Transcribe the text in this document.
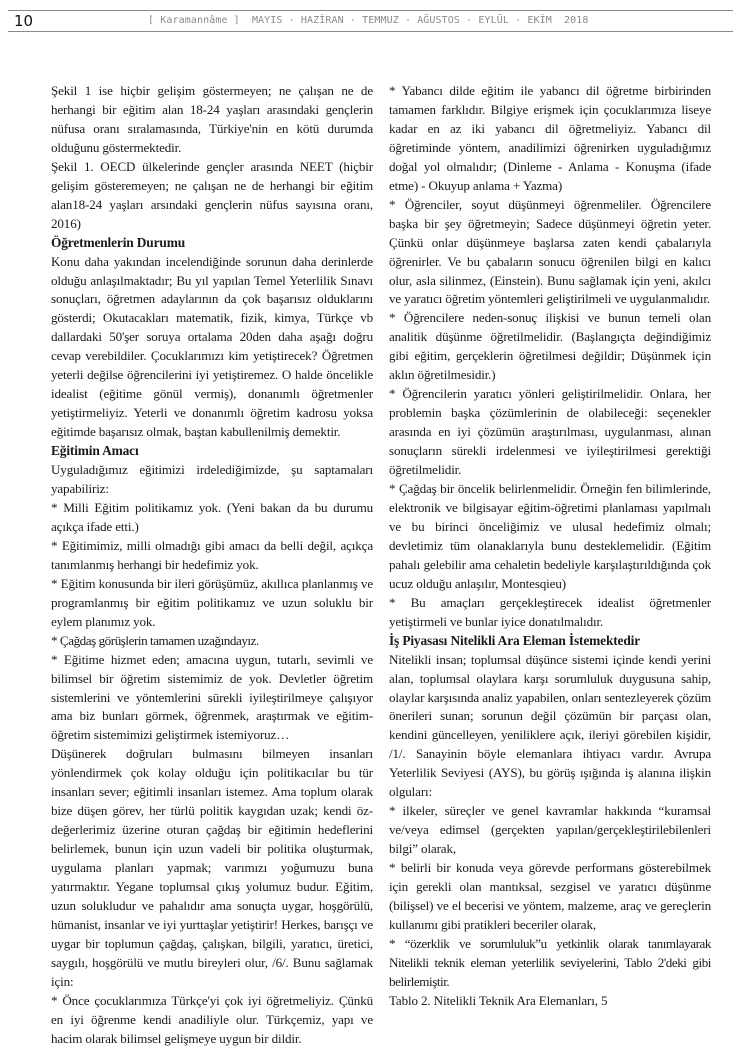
10	[ Karamannâme ] MAYIS · HAZİRAN · TEMMUZ · AĞUSTOS · EYLÜL · EKİM 2018

Şekil 1 ise hiçbir gelişim göstermeyen; ne çalışan ne de herhangi bir eğitim alan 18-24 yaşları arasındaki gençlerin nüfusa oranı sıralamasında, Türkiye'nin en kötü durumda olduğunu göstermektedir.

Şekil 1. OECD ülkelerinde gençler arasında NEET (hiçbir gelişim gösteremeyen; ne çalışan ne de herhangi bir eğitim alan18-24 yaşları arsındaki gençlerin nüfus sayısına oranı, 2016)

Öğretmenlerin Durumu

Konu daha yakından incelendiğinde sorunun daha derinlerde olduğu anlaşılmaktadır; Bu yıl yapılan Temel Yeterlilik Sınavı sonuçları, öğretmen adaylarının da çok başarısız olduklarını gösterdi; Okutacakları matematik, fizik, kimya, Türkçe vb dallardaki 50'şer soruya ortalama 20den daha aşağı doğru cevap verebildiler. Çocuklarımızı kim yetiştirecek? Öğretmen yeterli değilse öğrencilerini iyi yetiştiremez. O halde öncelikle idealist (eğitime gönül vermiş), donanımlı öğretmenler yetiştirmeliyiz. Yeterli ve donanımlı öğretim kadrosu yoksa eğitimde başarısız olmak, baştan kabullenilmiş demektir.

Eğitimin Amacı

Uyguladığımız eğitimizi irdelediğimizde, şu saptamaları yapabiliriz:

* Milli Eğitim politikamız yok. (Yeni bakan da bu durumu açıkça ifade etti.)

* Eğitimimiz, milli olmadığı gibi amacı da belli değil, açıkça tanımlanmış herhangi bir hedefimiz yok.

* Eğitim konusunda bir ileri görüşümüz, akıllıca planlanmış ve programlanmış bir eğitim politikamız ve uzun soluklu bir eylem planımız yok.

* Çağdaş görüşlerin tamamen uzağındayız.

* Eğitime hizmet eden; amacına uygun, tutarlı, sevimli ve bilimsel bir öğretim sistemimiz de yok. Devletler öğretim sistemlerini ve yöntemlerini sürekli iyileştirilmeye çalışıyor ama biz bunları görmek, öğrenmek, araştırmak ve eğitim-öğretim sistemimizi geliştirmek istemiyoruz…

Düşünerek doğruları bulmasını bilmeyen insanları yönlendirmek çok kolay olduğu için politikacılar bu tür insanları sever; eğitimli insanları istemez. Ama toplum olarak bize düşen görev, her türlü politik kaygıdan uzak; kendi öz-değerlerimiz üzerine oturan çağdaş bir eğitimin hedeflerini belirlemek, bunun için uzun vadeli bir politika oluşturmak, uygulama planları yapmak; varımızı yoğumuzu buna yatırmaktır. Yegane toplumsal çıkış yolumuz budur. Eğitim, uzun solukludur ve pahalıdır ama sonuçta uygar, hoşgörülü, hümanist, insanlar ve iyi yurttaşlar yetiştirir! Herkes, barışçı ve uygar bir toplumun çağdaş, çalışkan, bilgili, yaratıcı, üretici, saygılı, hoşgörülü ve mutlu bireyleri olur, /6/. Bunu sağlamak için:

* Önce çocuklarımıza Türkçe'yi çok iyi öğretmeliyiz. Çünkü en iyi öğrenme kendi anadiliyle olur. Türkçemiz, yapı ve hacim olarak bilimsel gelişmeye uygun bir dildir.

* Yabancı dilde eğitim ile yabancı dil öğretme birbirinden tamamen farklıdır. Bilgiye erişmek için çocuklarımıza liseye kadar en az iki yabancı dil öğretmeliyiz. Yabancı dil öğretiminde yöntem, anadilimizi öğrenirken uyguladığımız doğal yol olmalıdır; (Dinleme - Anlama - Konuşma (ifade etme) - Okuyup anlama + Yazma)

* Öğrenciler, soyut düşünmeyi öğrenmeliler. Öğrencilere başka bir şey öğretmeyin; Sadece düşünmeyi öğretin yeter. Çünkü onlar düşünmeye başlarsa zaten kendi çabalarıyla öğrenirler. Ve bu çabaların sonucu öğrenilen bilgi en kalıcı olur, asla silinmez, (Einstein). Bunu sağlamak için yeni, akılcı ve yaratıcı öğretim yöntemleri geliştirilmeli ve uygulanmalıdır.

* Öğrencilere neden-sonuç ilişkisi ve bunun temeli olan analitik düşünme öğretilmelidir. (Başlangıçta değindiğimiz gibi eğitim, gerçeklerin öğretilmesi değildir; Düşünmek için aklın öğretilmesidir.)

* Öğrencilerin yaratıcı yönleri geliştirilmelidir. Onlara, her problemin başka çözümlerinin de olabileceği: seçenekler arasında en iyi çözümün araştırılması, uygulanması, alınan sonuçların sürekli irdelenmesi ve iyileştirilmesi gerektiği öğretilmelidir.

* Çağdaş bir öncelik belirlenmelidir. Örneğin fen bilimlerinde, elektronik ve bilgisayar eğitim-öğretimi planlaması yapılmalı ve bu birinci önceliğimiz ve ulusal hedefimiz olmalı; devletimiz tüm olanaklarıyla bunu desteklemelidir. (Eğitim pahalı gelebilir ama cehaletin bedeliyle karşılaştırıldığında çok ucuz olduğu anlaşılır, Montesqieu)

* Bu amaçları gerçekleştirecek idealist öğretmenler yetiştirmeli ve bunlar iyice donatılmalıdır.

İş Piyasası Nitelikli Ara Eleman İstemektedir

Nitelikli insan; toplumsal düşünce sistemi içinde kendi yerini alan, toplumsal olaylara karşı sorumluluk duygusuna sahip, olaylar karşısında analiz yapabilen, onları sentezleyerek çözüm önerileri sunan; sorunun değil çözümün bir parçası olan, kendini güncelleyen, yeniliklere açık, ileriyi görebilen kişidir, /1/. Sanayinin böyle elemanlara ihtiyacı vardır. Avrupa Yeterlilik Seviyesi (AYS), bu görüş ışığında iş alanına ilişkin olguları:

* ilkeler, süreçler ve genel kavramlar hakkında “kuramsal ve/veya edimsel (gerçekten yapılan/gerçekleştirilebilenleri bilgi” olarak,

* belirli bir konuda veya görevde performans gösterebilmek için gerekli olan mantıksal, sezgisel ve yaratıcı düşünme (bilişsel) ve el becerisi ve yöntem, malzeme, araç ve gereçlerin kullanımı gibi pratikleri beceriler olarak,

* “özerklik ve sorumluluk”u yetkinlik olarak tanımlayarak Nitelikli teknik eleman yeterlilik seviyelerini, Tablo 2'deki gibi belirlemiştir.

Tablo 2. Nitelikli Teknik Ara Elemanları, 5
